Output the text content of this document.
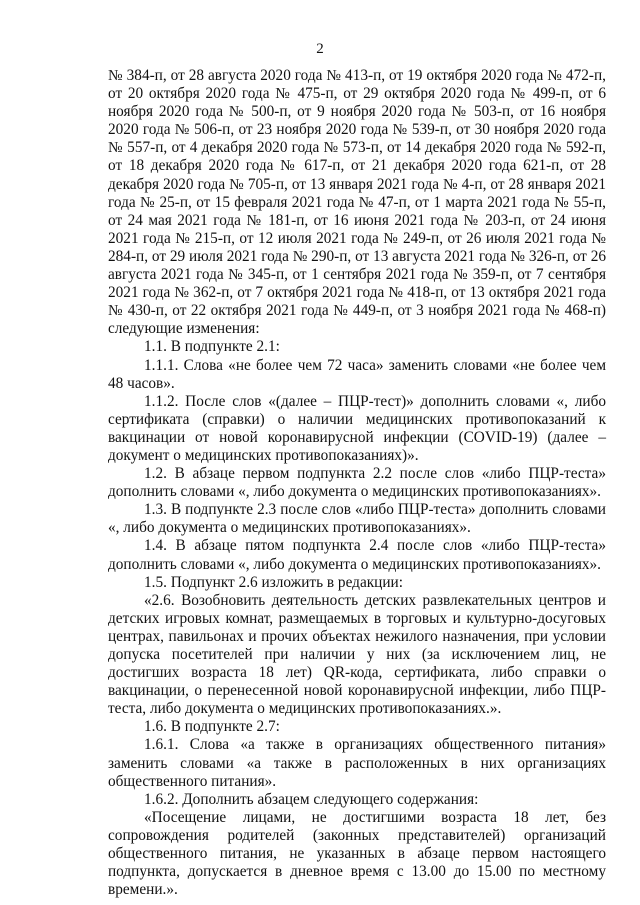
2

№ 384-п, от 28 августа 2020 года № 413-п, от 19 октября 2020 года № 472-п, от 20 октября 2020 года № 475-п, от 29 октября 2020 года № 499-п, от 6 ноября 2020 года № 500-п, от 9 ноября 2020 года № 503-п, от 16 ноября 2020 года № 506-п, от 23 ноября 2020 года № 539-п, от 30 ноября 2020 года № 557-п, от 4 декабря 2020 года № 573-п, от 14 декабря 2020 года № 592-п, от 18 декабря 2020 года № 617-п, от 21 декабря 2020 года 621-п, от 28 декабря 2020 года № 705-п, от 13 января 2021 года № 4-п, от 28 января 2021 года № 25-п, от 15 февраля 2021 года № 47-п, от 1 марта 2021 года № 55-п, от 24 мая 2021 года № 181-п, от 16 июня 2021 года № 203-п, от 24 июня 2021 года № 215-п, от 12 июля 2021 года № 249-п, от 26 июля 2021 года № 284-п, от 29 июля 2021 года № 290-п, от 13 августа 2021 года № 326-п, от 26 августа 2021 года № 345-п, от 1 сентября 2021 года № 359-п, от 7 сентября 2021 года № 362-п, от 7 октября 2021 года № 418-п, от 13 октября 2021 года № 430-п, от 22 октября 2021 года № 449-п, от 3 ноября 2021 года № 468-п) следующие изменения:

1.1. В подпункте 2.1:

1.1.1. Слова «не более чем 72 часа» заменить словами «не более чем 48 часов».

1.1.2. После слов «(далее – ПЦР-тест)» дополнить словами «, либо сертификата (справки) о наличии медицинских противопоказаний к вакцинации от новой коронавирусной инфекции (COVID-19) (далее – документ о медицинских противопоказаниях)».

1.2. В абзаце первом подпункта 2.2 после слов «либо ПЦР-теста» дополнить словами «, либо документа о медицинских противопоказаниях».

1.3. В подпункте 2.3 после слов «либо ПЦР-теста» дополнить словами «, либо документа о медицинских противопоказаниях».

1.4. В абзаце пятом подпункта 2.4 после слов «либо ПЦР-теста» дополнить словами «, либо документа о медицинских противопоказаниях».

1.5. Подпункт 2.6 изложить в редакции:

«2.6. Возобновить деятельность детских развлекательных центров и детских игровых комнат, размещаемых в торговых и культурно-досуговых центрах, павильонах и прочих объектах нежилого назначения, при условии допуска посетителей при наличии у них (за исключением лиц, не достигших возраста 18 лет) QR-кода, сертификата, либо справки о вакцинации, о перенесенной новой коронавирусной инфекции, либо ПЦР-теста, либо документа о медицинских противопоказаниях.».

1.6. В подпункте 2.7:

1.6.1. Слова «а также в организациях общественного питания» заменить словами «а также в расположенных в них организациях общественного питания».

1.6.2. Дополнить абзацем следующего содержания:

«Посещение лицами, не достигшими возраста 18 лет, без сопровождения родителей (законных представителей) организаций общественного питания, не указанных в абзаце первом настоящего подпункта, допускается в дневное время с 13.00 до 15.00 по местному времени.».
